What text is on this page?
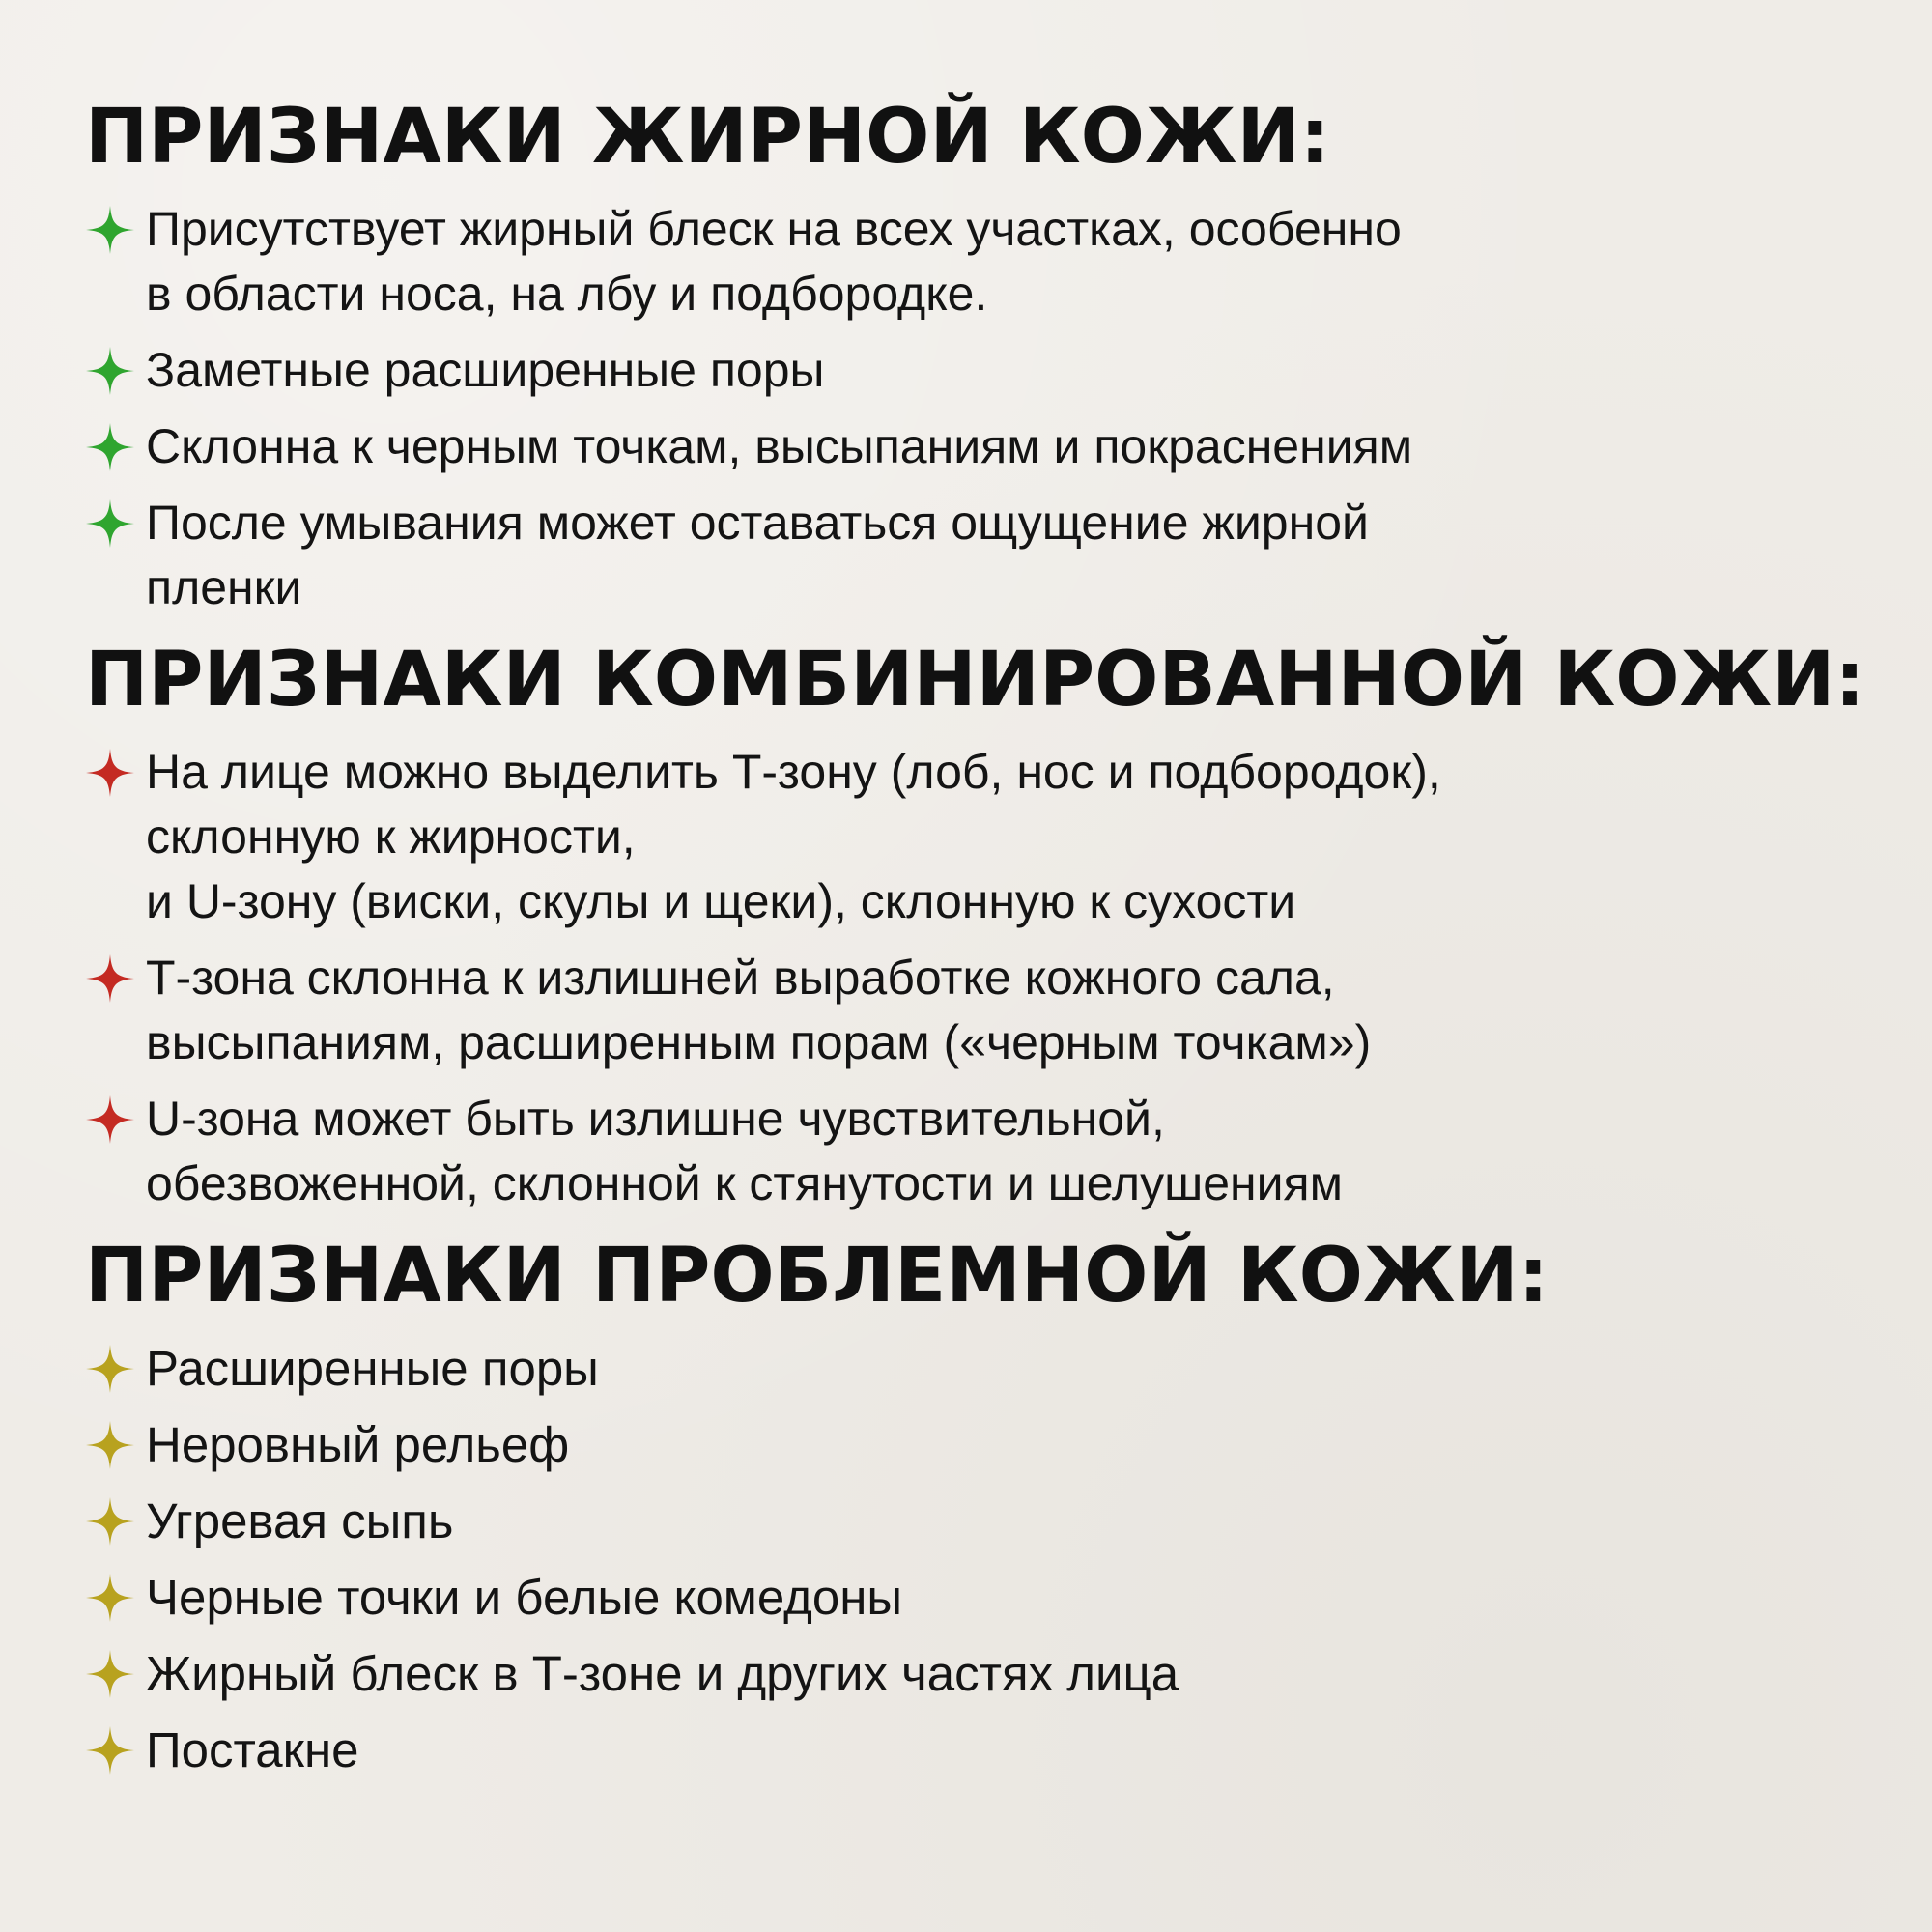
ПРИЗНАКИ ЖИРНОЙ КОЖИ:
Присутствует жирный блеск на всех участках, особенно
в области носа, на лбу и подбородке.
Заметные расширенные поры
Склонна к черным точкам, высыпаниям и покраснениям
После умывания может оставаться ощущение жирной
пленки
ПРИЗНАКИ КОМБИНИРОВАННОЙ КОЖИ:
На лице можно выделить Т-зону (лоб, нос и подбородок),
склонную к жирности,
и U-зону (виски, скулы и щеки), склонную к сухости
Т-зона склонна к излишней выработке кожного сала,
высыпаниям, расширенным порам («черным точкам»)
U-зона может быть излишне чувствительной,
обезвоженной, склонной к стянутости и шелушениям
ПРИЗНАКИ ПРОБЛЕМНОЙ КОЖИ:
Расширенные поры
Неровный рельеф
Угревая сыпь
Черные точки и белые комедоны
Жирный блеск в Т-зоне и других частях лица
Постакне
